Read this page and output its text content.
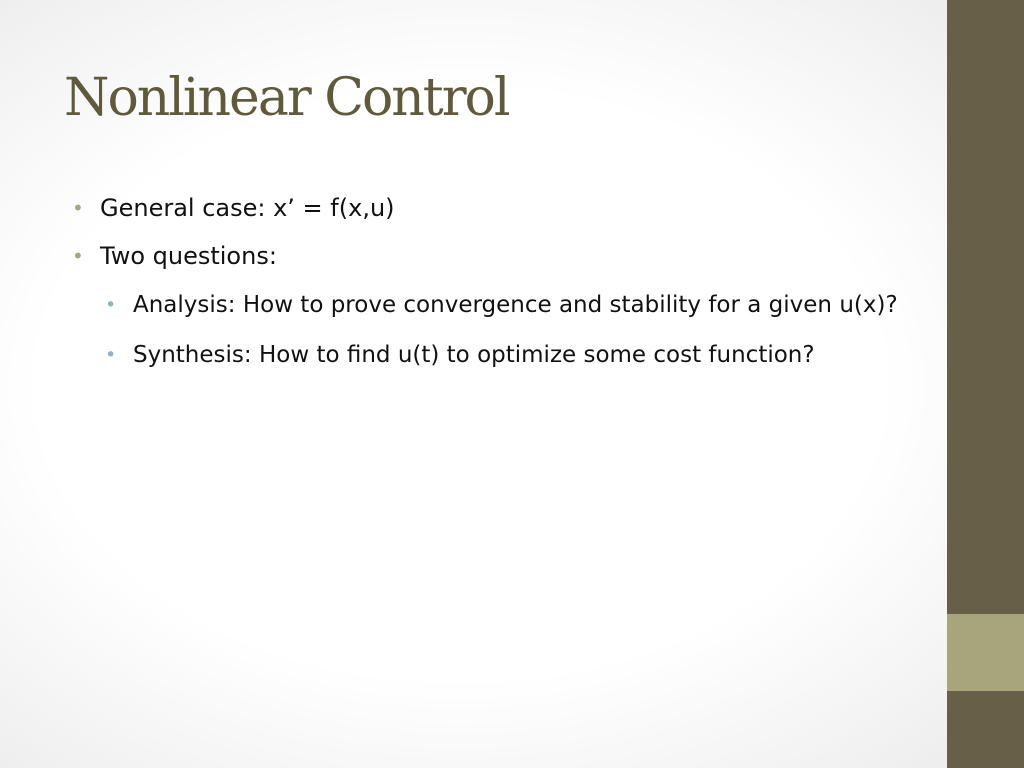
Nonlinear Control
• General case: x’ = f(x,u)
• Two questions:
• Analysis: How to prove convergence and stability for a given u(x)?
• Synthesis: How to find u(t) to optimize some cost function?
